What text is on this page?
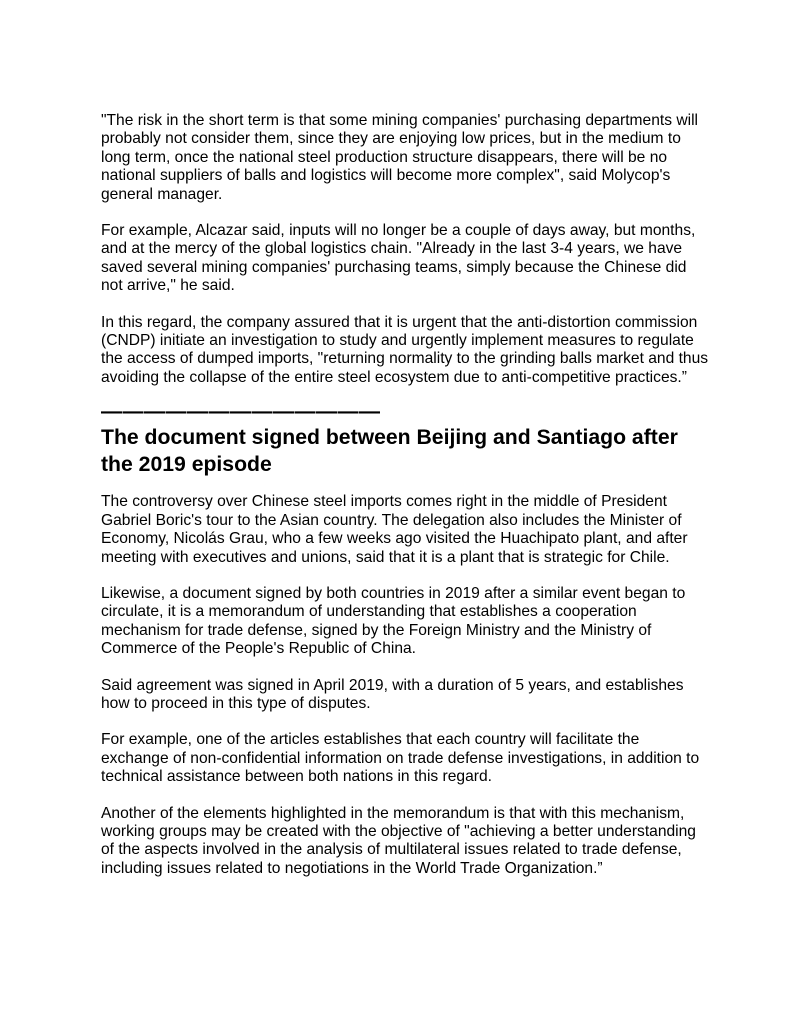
"The risk in the short term is that some mining companies' purchasing departments will probably not consider them, since they are enjoying low prices, but in the medium to long term, once the national steel production structure disappears, there will be no national suppliers of balls and logistics will become more complex", said Molycop's general manager.

For example, Alcazar said, inputs will no longer be a couple of days away, but months, and at the mercy of the global logistics chain. "Already in the last 3-4 years, we have saved several mining companies' purchasing teams, simply because the Chinese did not arrive," he said.

In this regard, the company assured that it is urgent that the anti-distortion commission (CNDP) initiate an investigation to study and urgently implement measures to regulate the access of dumped imports, "returning normality to the grinding balls market and thus avoiding the collapse of the entire steel ecosystem due to anti-competitive practices.”

—————————————
The document signed between Beijing and Santiago after the 2019 episode

The controversy over Chinese steel imports comes right in the middle of President Gabriel Boric's tour to the Asian country. The delegation also includes the Minister of Economy, Nicolás Grau, who a few weeks ago visited the Huachipato plant, and after meeting with executives and unions, said that it is a plant that is strategic for Chile.

Likewise, a document signed by both countries in 2019 after a similar event began to circulate, it is a memorandum of understanding that establishes a cooperation mechanism for trade defense, signed by the Foreign Ministry and the Ministry of Commerce of the People's Republic of China.

Said agreement was signed in April 2019, with a duration of 5 years, and establishes how to proceed in this type of disputes.

For example, one of the articles establishes that each country will facilitate the exchange of non-confidential information on trade defense investigations, in addition to technical assistance between both nations in this regard.

Another of the elements highlighted in the memorandum is that with this mechanism, working groups may be created with the objective of "achieving a better understanding of the aspects involved in the analysis of multilateral issues related to trade defense, including issues related to negotiations in the World Trade Organization.”
